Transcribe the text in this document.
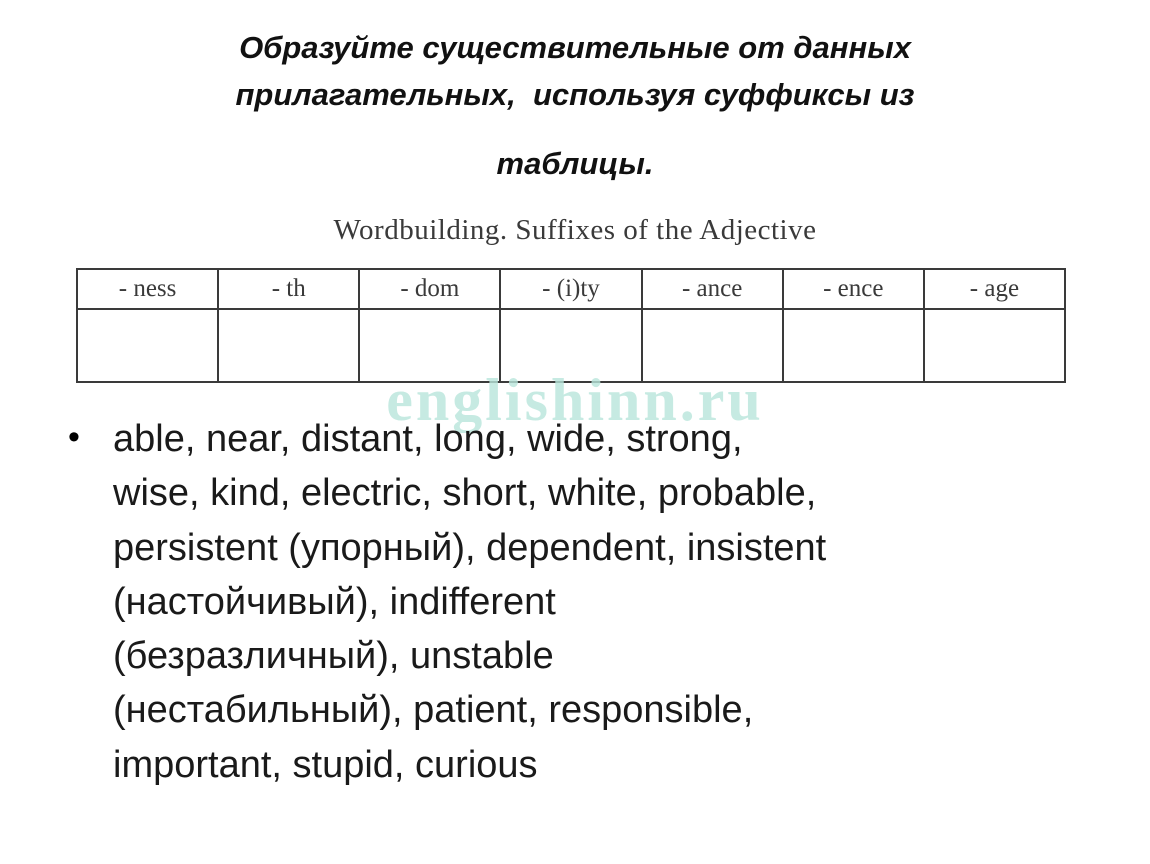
Образуйте существительные от данных
прилагательных,  используя суффиксы из
таблицы.
Wordbuilding. Suffixes of the Adjective
- ness	- th	- dom	- (i)ty	- ance	- ence	- age

englishinn.ru
• able, near, distant, long, wide, strong,
wise, kind, electric, short, white, probable,
persistent (упорный), dependent, insistent
(настойчивый), indifferent
(безразличный), unstable
(нестабильный), patient, responsible,
important, stupid, curious
